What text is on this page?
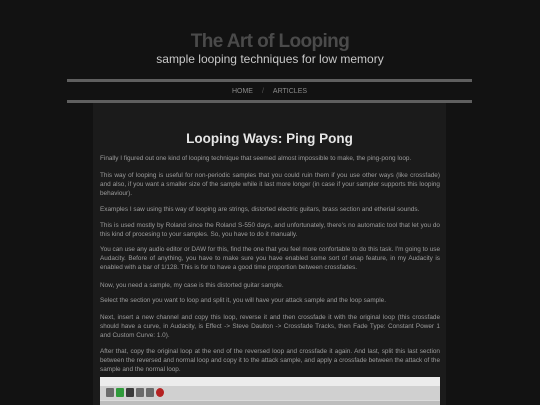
The Art of Looping
sample looping techniques for low memory
HOME / ARTICLES
Looping Ways: Ping Pong

Finally I figured out one kind of looping technique that seemed almost impossible to make, the ping-pong loop.

This way of looping is useful for non-periodic samples that you could ruin them if you use other ways (like crossfade) and also, if you want a smaller size of the sample while it last more longer (in case if your sampler supports this looping behaviour).

Examples I saw using this way of looping are strings, distorted electric guitars, brass section and etherial sounds.

This is used mostly by Roland since the Roland S-550 days, and unfortunately, there's no automatic tool that let you do this kind of procesing to your samples. So, you have to do it manually.

You can use any audio editor or DAW for this, find the one that you feel more confortable to do this task. I'm going to use Audacity. Before of anything, you have to make sure you have enabled some sort of snap feature, in my Audacity is enabled with a bar of 1/128. This is for to have a good time proportion between crossfades.

Now, you need a sample, my case is this distorted guitar sample.

Select the section you want to loop and split it, you will have your attack sample and the loop sample.

Next, insert a new channel and copy this loop, reverse it and then crossfade it with the original loop (this crossfade should have a curve, in Audacity, is Effect -> Steve Daulton -> Crossfade Tracks, then Fade Type: Constant Power 1 and Custom Curve: 1.0).

After that, copy the original loop at the end of the reversed loop and crossfade it again. And last, split this last section between the reversed and normal loop and copy it to the attack sample, and apply a crossfade between the attack of the sample and the normal loop.
